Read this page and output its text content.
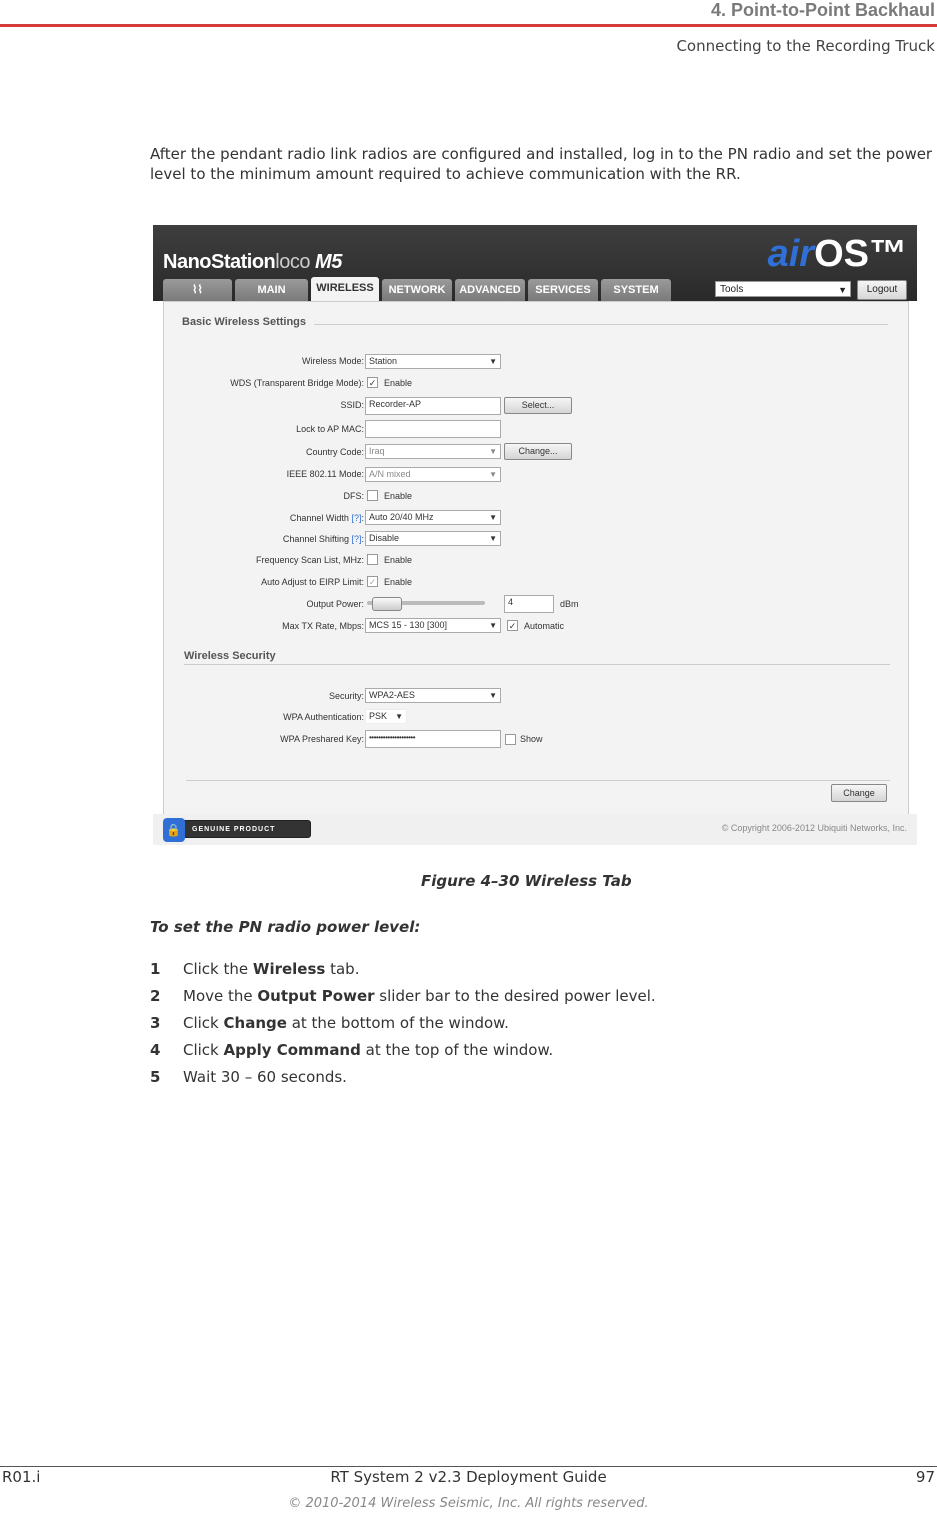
4. Point-to-Point Backhaul
Connecting to the Recording Truck
After the pendant radio link radios are configured and installed, log in to the PN radio and set the power level to the minimum amount required to achieve communication with the RR.
NanoStationloco M5	airOS™
⌇⌇	MAIN	WIRELESS	NETWORK	ADVANCED	SERVICES	SYSTEM	Tools	▼	Logout
Basic Wireless Settings
Wireless Mode: Station	▼
WDS (Transparent Bridge Mode): ✓ Enable
SSID: Recorder-AP	Select...
Lock to AP MAC:
Country Code: Iraq	▼	Change...
IEEE 802.11 Mode: A/N mixed	▼
DFS: Enable
Channel Width [?]: Auto 20/40 MHz	▼
Channel Shifting [?]: Disable	▼
Frequency Scan List, MHz: Enable
Auto Adjust to EIRP Limit: ✓ Enable
Output Power:	4	dBm
Max TX Rate, Mbps: MCS 15 - 130 [300]	▼ ✓ Automatic
Wireless Security
Security: WPA2-AES	▼
WPA Authentication: PSK ▼
WPA Preshared Key: ••••••••••••••••••••	Show
Change
🔒	GENUINE PRODUCT	© Copyright 2006-2012 Ubiquiti Networks, Inc.
Figure 4–30 Wireless Tab
To set the PN radio power level:
1 Click the Wireless tab.
2 Move the Output Power slider bar to the desired power level.
3 Click Change at the bottom of the window.
4 Click Apply Command at the top of the window.
5 Wait 30 – 60 seconds.
R01.i	RT System 2 v2.3 Deployment Guide	97
© 2010-2014 Wireless Seismic, Inc. All rights reserved.
